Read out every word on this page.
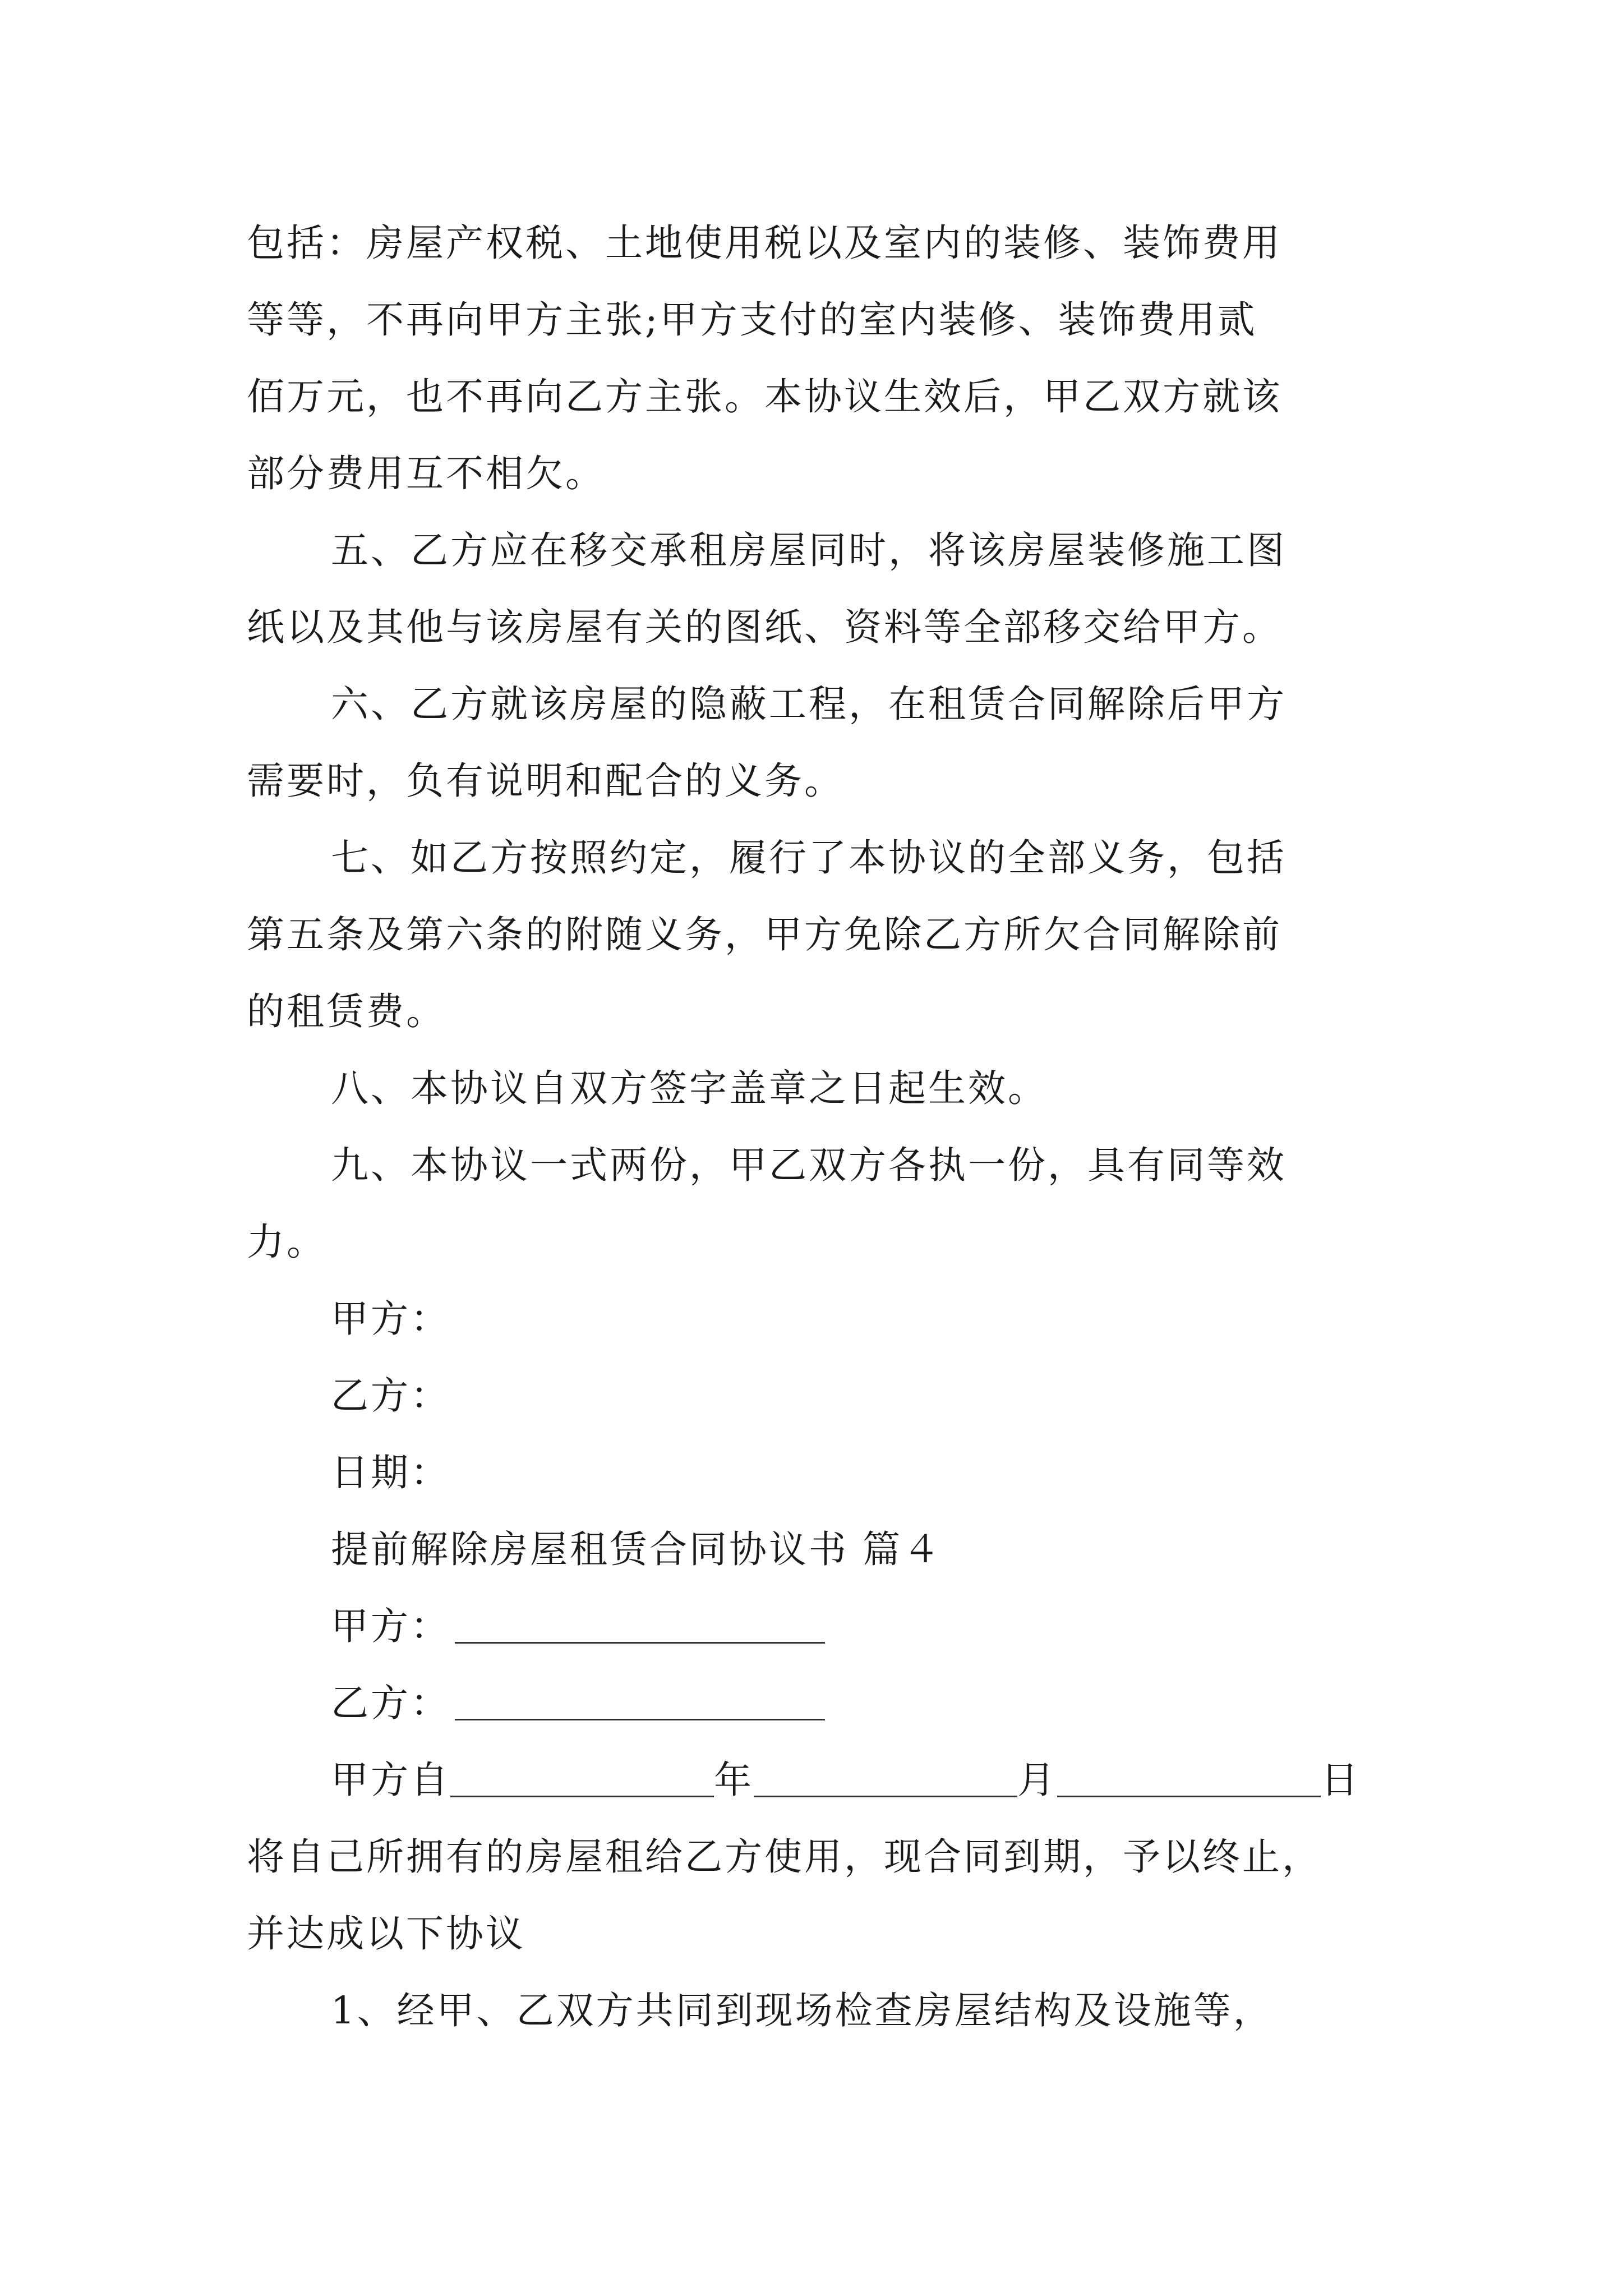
包括：房屋产权税、土地使用税以及室内的装修、装饰费用
等等，不再向甲方主张;甲方支付的室内装修、装饰费用贰
佰万元，也不再向乙方主张。本协议生效后，甲乙双方就该
部分费用互不相欠。

五、乙方应在移交承租房屋同时，将该房屋装修施工图
纸以及其他与该房屋有关的图纸、资料等全部移交给甲方。

六、乙方就该房屋的隐蔽工程，在租赁合同解除后甲方
需要时，负有说明和配合的义务。

七、如乙方按照约定，履行了本协议的全部义务，包括
第五条及第六条的附随义务，甲方免除乙方所欠合同解除前
的租赁费。

八、本协议自双方签字盖章之日起生效。

九、本协议一式两份，甲乙双方各执一份，具有同等效
力。

甲方：

乙方：

日期：

提前解除房屋租赁合同协议书 篇４

甲方：

乙方：

甲方自	年	月	日
将自己所拥有的房屋租给乙方使用，现合同到期，予以终止，
并达成以下协议

1、经甲、乙双方共同到现场检查房屋结构及设施等，
